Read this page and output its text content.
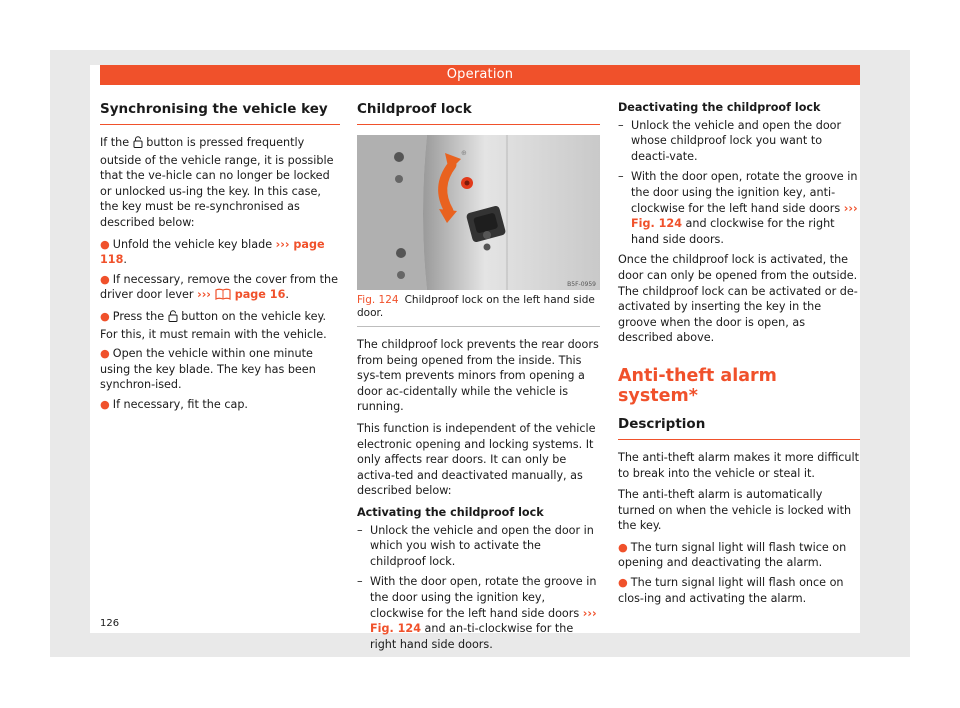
Operation
Synchronising the vehicle key

If the button is pressed frequently outside of the vehicle range, it is possible that the ve-hicle can no longer be locked or unlocked us-ing the key. In this case, the key must be re-synchronised as described below:

● Unfold the vehicle key blade ››› page 118.
● If necessary, remove the cover from the driver door lever ››› page 16.
● Press the button on the vehicle key. For this, it must remain with the vehicle.
● Open the vehicle within one minute using the key blade. The key has been synchron-ised.
● If necessary, fit the cap.
Childproof lock
⊕
B5F-0959
Fig. 124 Childproof lock on the left hand side door.

The childproof lock prevents the rear doors from being opened from the inside. This sys-tem prevents minors from opening a door ac-cidentally while the vehicle is running.

This function is independent of the vehicle electronic opening and locking systems. It only affects rear doors. It can only be activa-ted and deactivated manually, as described below:

Activating the childproof lock
– Unlock the vehicle and open the door in which you wish to activate the childproof lock.
– With the door open, rotate the groove in the door using the ignition key, clockwise for the left hand side doors ››› Fig. 124 and an-ti-clockwise for the right hand side doors.
Deactivating the childproof lock
– Unlock the vehicle and open the door whose childproof lock you want to deacti-vate.
– With the door open, rotate the groove in the door using the ignition key, anti-clockwise for the left hand side doors ››› Fig. 124 and clockwise for the right hand side doors.

Once the childproof lock is activated, the door can only be opened from the outside. The childproof lock can be activated or de-activated by inserting the key in the groove when the door is open, as described above.

Anti-theft alarm system*
Description

The anti-theft alarm makes it more difficult to break into the vehicle or steal it.

The anti-theft alarm is automatically turned on when the vehicle is locked with the key.

● The turn signal light will flash twice on opening and deactivating the alarm.
● The turn signal light will flash once on clos-ing and activating the alarm.
126
